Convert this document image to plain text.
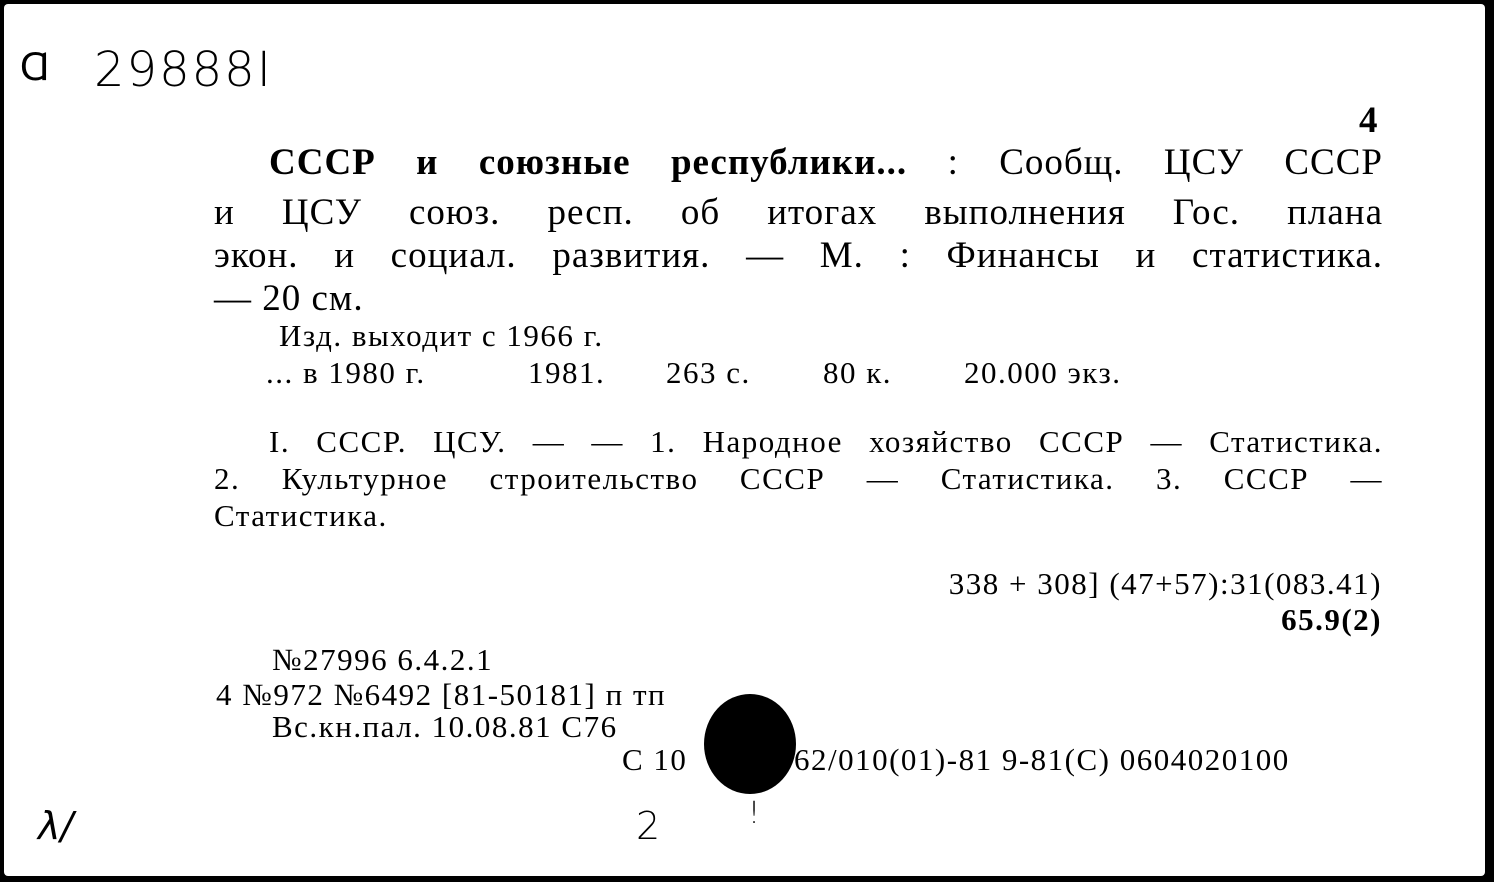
Ɑ 29888I
4
СССР и союзные республики... : Сообщ. ЦСУ СССР
и ЦСУ союз. респ. об итогах выполнения Гос. плана
экон. и социал. развития. — М. : Финансы и статистика.
— 20 см.
Изд. выходит с 1966 г.
... в 1980 г.	1981. 263 с. 80 к. 20.000 экз.
I. СССР. ЦСУ. — — 1. Народное хозяйство СССР — Статистика.
2. Культурное строительство СССР — Статистика. 3. СССР —
Статистика.
338 + 308] (47+57):31(083.41)
65.9(2)
№27996 6.4.2.1
4 №972 №6492 [81-50181] п тп
Вс.кн.пал. 10.08.81 С76
С 10	62/010(01)-81 9-81(С) 0604020100
λ/	2	!
